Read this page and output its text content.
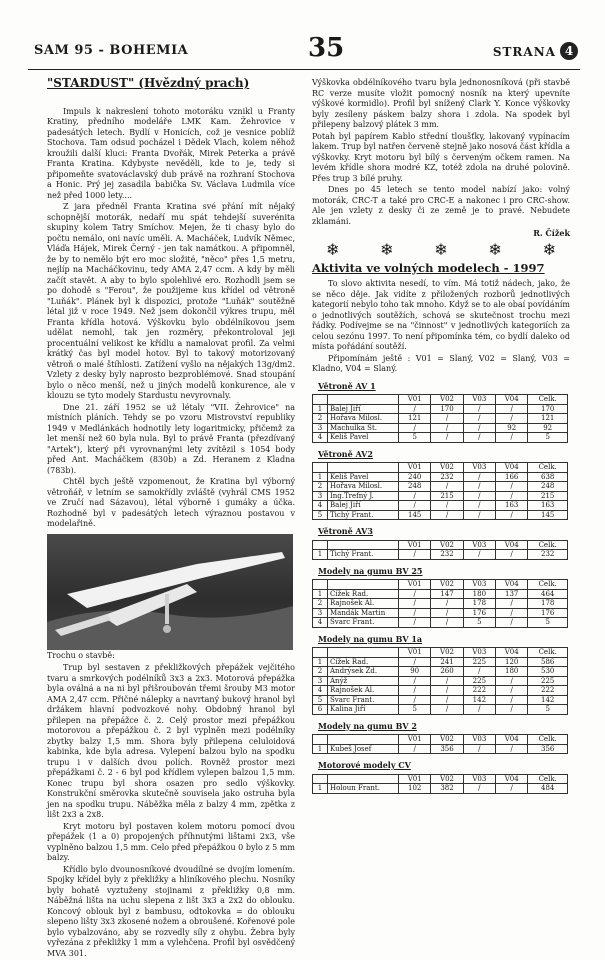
SAM 95 - BOHEMIA	35	STRANA 4
"STARDUST" (Hvězdný prach)

Impuls k nakreslení tohoto motoráku vznikl u Franty Kratiny, předního modeláře LMK Kam. Žehrovice v padesátých letech. Bydlí v Honicích, což je vesnice poblíž Stochova. Tam odsud pocházel i Dědek Vlach, kolem něhož kroužili další kluci: Franta Dvořák, Mirek Peterka a právě Franta Kratina. Kdybyste nevěděli, kde to je, tedy si připomeňte svatováclavský dub právě na rozhraní Stochova a Honic. Prý jej zasadila babička Sv. Václava Ludmila více než před 1000 lety....

Z jara předněl Franta Kratina své přání mít nějaký schopnější motorák, nedaří mu spát tehdejší suverénita skupiny kolem Tatry Smíchov. Mejen, že ti chasy bylo do počtu nemálo, oni navíc uměli. A. Macháček, Ludvík Němec, Vláďa Hájek, Mirek Černý - jen tak namátkou. A připomněl, že by to nemělo být ero moc složité, "něco" přes 1,5 metru, nejlíp na Macháčkovinu, tedy AMA 2,47 ccm. A kdy by měli začít stavět. A aby to bylo spolehlivé ero. Rozhodli jsem se po dohodě s "Ferou", že použijeme kus křídel od větroně "Luňák". Plánek byl k dispozici, protože "Luňák" soutěžně létal již v roce 1949. Než jsem dokončil výkres trupu, měl Franta křídla hotová. Výškovku bylo obdélníkovou jsem udělat nemohl, tak jen rozměry, překontroloval jeji procentuální velikost ke křídlu a namalovat profil. Za velmi krátký čas byl model hotov. Byl to takový motorizovaný větroň o malé štíhlosti. Zatížení vyšlo na nějakých 13g/dm2. Vzlety z desky byly naprosto bezproblémové. Snad stoupání bylo o něco menší, než u jiných modelů konkurence, ale v klouzu se tyto modely Stardustu nevyrovnaly.

Dne 21. září 1952 se už létaly "VII. Žehrovice" na místních pláních. Tehdy se po vzoru Mistrovství republiky 1949 v Medlánkách hodnotily lety logaritmicky, přičemž za let menší než 60 byla nula. Byl to právě Franta (přezdívaný "Artek"), který při vyrovnanými lety zvítězil s 1054 body před Ant. Macháčkem (830b) a Zd. Heranem z Kladna (783b).

Chtěl bych ještě vzpomenout, že Kratina byl výborný větroňář, v letním se samokřídly zvláště (vyhrál CMS 1952 ve Zručí nad Sázavou), létal výborně i gumáky a účka. Rozhodně byl v padesátých letech výraznou postavou v modelařině.

Trochu o stavbě:

Trup byl sestaven z překližkových přepážek vejčitého tvaru a smrkových podélníků 3x3 a 2x3. Motorová přepážka byla oválná a na ni byl přišroubován třemi šrouby M3 motor AMA 2,47 ccm. Přičné nálepky a navrtaný bukový hranol byl držákem hlavní podvozkové nohy. Obdobný hranol byl přilepen na přepážce č. 2. Celý prostor mezi přepážkou motorovou a přepážkou č. 2 byl vyplněn mezi podélníky zbytky balzy 1,5 mm. Shora byly přilepena celuloidová kabinka, kde byla adresa. Vylepení balzou bylo na spodku trupu i v dalších dvou polích. Rovněž prostor mezi přepážkami č. 2 - 6 byl pod křídlem vylepen balzou 1,5 mm. Konec trupu byl shora osazen pro sedlo výškovky. Konstrukční směrovka skutečně souvisela jako ostruha byla jen na spodku trupu. Náběžka měla z balzy 4 mm, zpětka z lišt 2x3 a 2x8.

Kryt motoru byl postaven kolem motoru pomocí dvou přepážek (1 a 0) propojených příhnutými lištami 2x3, vše vyplněno balzou 1,5 mm. Celo před přepážkou 0 bylo z 5 mm balzy.

Křídlo bylo dvounosníkové dvoudílné se dvojím lomením. Spojky křídel byly z překližky a hliníkového plechu. Nosníky byly bohatě vyztuženy stojinami z překližky 0,8 mm. Náběžná lišta na uchu slepena z lišt 3x3 a 2x2 do oblouku. Koncový oblouk byl z bambusu, odtokovka = do oblouku slepeno lišty 3x3 zkosené nožem a obroušené. Kořenové pole bylo vybalzováno, aby se rozvedly síly z ohybu. Žebra byly vyřezána z překližky 1 mm a vylehčena. Profil byl osvědčený MVA 301.

Výškovka obdélníkového tvaru byla jednonosníková (při stavbě RC verze musíte vložit pomocný nosník na který upevníte výškové kormidlo). Profil byl snížený Clark Y. Konce výškovky byly zesíleny páskem balzy shora i zdola. Na spodek byl přilepeny balzový plátek 3 mm.

Potah byl papírem Kablo střední tloušťky, lakovaný vypínacím lakem. Trup byl natřen červeně stejně jako nosová část křídla a výškovky. Kryt motoru byl bílý s červeným očkem ramen. Na levém křídle shora modré KZ, totéž zdola na druhé polovině. Přes trup 3 bílé pruhy.

Dnes po 45 letech se tento model nabízí jako: volný motorák, CRC-T a také pro CRC-E a nakonec i pro CRC-show. Ale jen vzlety z desky či ze země je to pravé. Nebudete zklamáni.

R. Čížek
❄	❄	❄	❄	❄
Aktivita ve volných modelech - 1997

To slovo aktivita nesedí, to vím. Má totiž nádech, jako, že se něco děje. Jak vidíte z přiložených rozborů jednotlivých kategorií nebylo toho tak mnoho. Když se to ale obaí povídáním o jednotlivých soutěžích, schová se skutečnost trochu mezi řádky. Podívejme se na "činnost" v jednotlivých kategoriích za celou sezónu 1997. To není připomínka tém, co bydlí daleko od místa pořádání soutěží.

Připomínám ještě : V01 = Slaný, V02 = Slaný, V03 = Kladno, V04 = Slaný.

Větroně AV 1
		V01	V02	V03	V04	Celk.
1	Balej Jiří	/	170	/	/	170
2	Hořava Milosl.	121	/	/	/	121
3	Machulka St.	/	/	/	92	92
4	Keliš Pavel	5	/	/	/	5
Větroně AV2
		V01	V02	V03	V04	Celk.
1	Keliš Pavel	240	232	/	166	638
2	Hořava Milosl.	248	/	/	/	248
3	Ing.Trefný J.	/	215	/	/	215
4	Balej Jiří	/	/	/	163	163
5	Tichý Frant.	145	/	/	/	145
Větroně AV3
		V01	V02	V03	V04	Celk.
1	Tichý Frant.	/	232	/	/	232
Modely na gumu BV 25
		V01	V02	V03	V04	Celk.
1	Čížek Rad.	/	147	180	137	464
2	Rajnošek Al.	/	/	178	/	178
3	Mandák Martin	/	/	176	/	176
4	Švarc Frant.	/	/	5	/	5
Modely na gumu BV 1a
		V01	V02	V03	V04	Celk.
1	Čížek Rad.	/	241	225	120	586
2	Andrýsek Zd.	90	260	/	180	530
3	Anýž	/	/	225	/	225
4	Rajnošek Al.	/	/	222	/	222
5	Švarc Frant.	/	/	142	/	142
6	Kalina Jiří	5	/	/	/	5
Modely na gumu BV 2
		V01	V02	V03	V04	Celk.
1	Kubeš Josef	/	356	/	/	356
Motorové modely CV
		V01	V02	V03	V04	Celk.
1	Holoun Frant.	102	382	/	/	484
